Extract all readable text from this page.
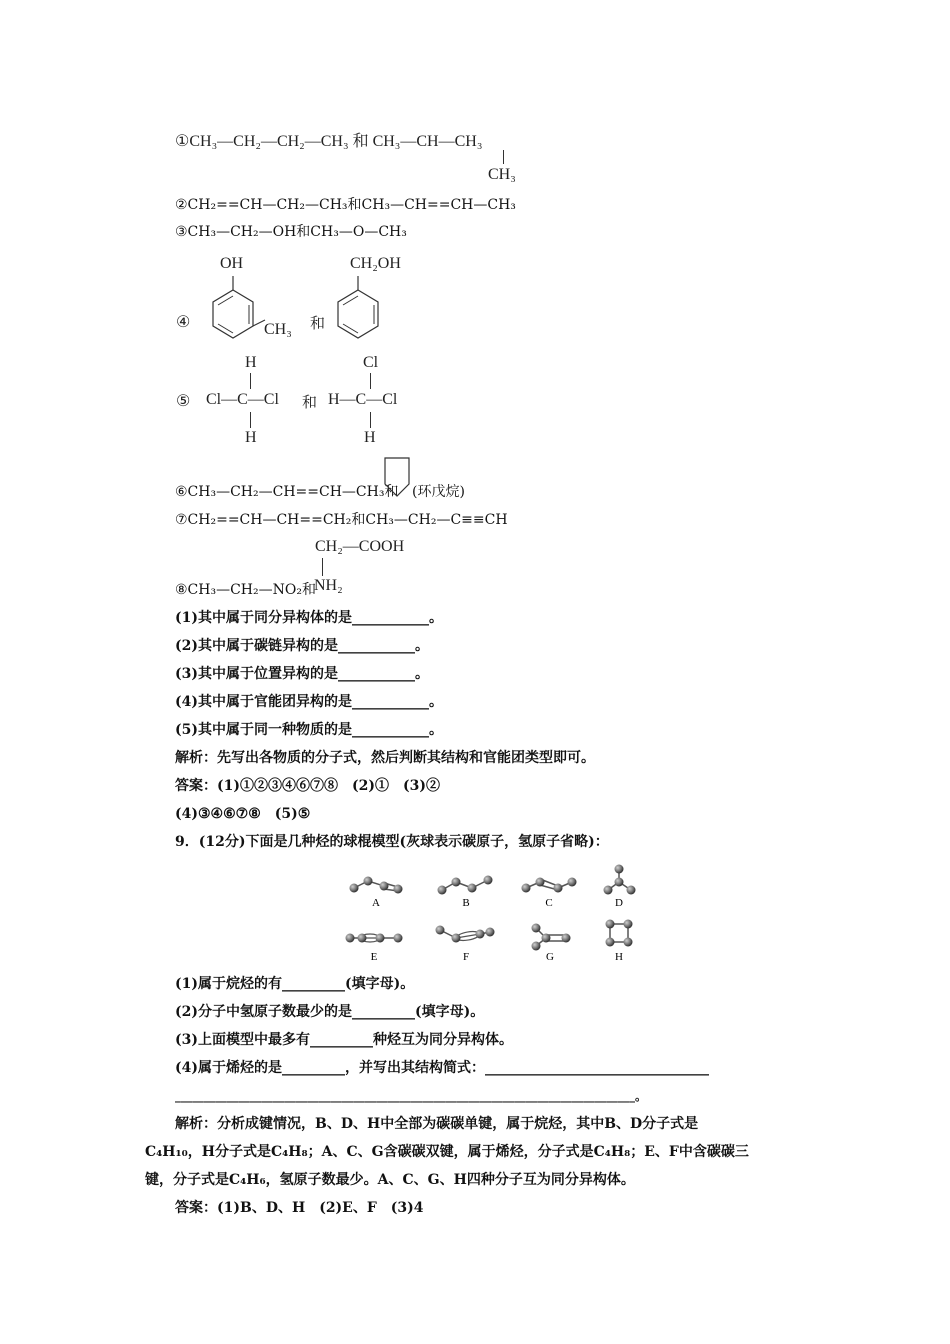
①CH₃—CH₂—CH₂—CH₃ 和 CH₃—CH—CH₃
CH₃
②CH₂==CH—CH₂—CH₃和CH₃—CH==CH—CH₃
③CH₃—CH₂—OH和CH₃—O—CH₃
OH
④	CH₃ 和
CH₂OH
H
⑤ Cl—C—Cl
H
和
Cl
H—C—Cl
H
⑥CH₃—CH₂—CH==CH—CH₃和 (环戊烷)
⑦CH₂==CH—CH==CH₂和CH₃—CH₂—C≡≡CH
CH₂—COOH
⑧CH₃—CH₂—NO₂和
NH₂
(1)其中属于同分异构体的是___________。
(2)其中属于碳链异构的是___________。
(3)其中属于位置异构的是___________。
(4)其中属于官能团异构的是___________。
(5)其中属于同一种物质的是___________。
解析：先写出各物质的分子式，然后判断其结构和官能团类型即可。
答案：(1)①②③④⑥⑦⑧　(2)①　(3)②
(4)③④⑥⑦⑧　(5)⑤
9．(12分)下面是几种烃的球棍模型(灰球表示碳原子，氢原子省略)：
A	B	C	D
E	F	G	H
(1)属于烷烃的有_________(填字母)。
(2)分子中氢原子数最少的是_________(填字母)。
(3)上面模型中最多有_________种烃互为同分异构体。
(4)属于烯烃的是_________，并写出其结构简式：________________________________
________________________________________________________________________________。
解析：分析成键情况，B、D、H中全部为碳碳单键，属于烷烃，其中B、D分子式是
C₄H₁₀，H分子式是C₄H₈；A、C、G含碳碳双键，属于烯烃，分子式是C₄H₈；E、F中含碳碳三
键，分子式是C₄H₆，氢原子数最少。A、C、G、H四种分子互为同分异构体。
答案：(1)B、D、H　(2)E、F　(3)4
